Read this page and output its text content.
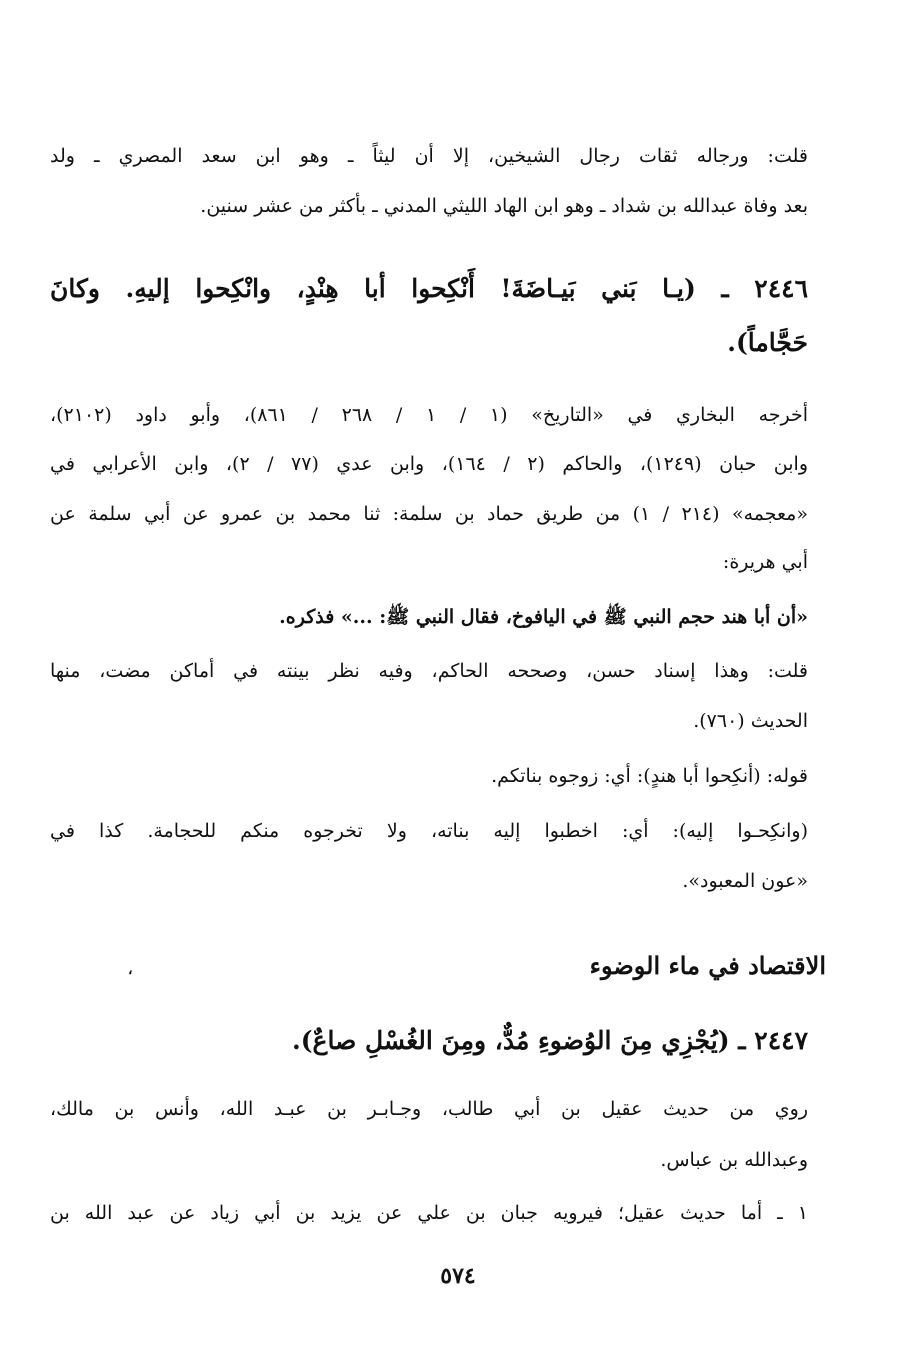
قلت: ورجاله ثقات رجال الشيخين، إلا أن ليثاً ـ وهو ابن سعد المصري ـ ولد
بعد وفاة عبدالله بن شداد ـ وهو ابن الهاد الليثي المدني ـ بأكثر من عشر سنين.
٢٤٤٦ ـ (يـا بَني بَيـاضَةَ! أَنْكِحوا أبا هِنْدٍ، وانْكِحوا إليهِ. وكانَ
حَجَّاماً).
أخرجه البخاري في «التاريخ» (١ / ١ / ٢٦٨ / ٨٦١)، وأبو داود (٢١٠٢)،
وابن حبان (١٢٤٩)، والحاكم (٢ / ١٦٤)، وابن عدي (٧٧ / ٢)، وابن الأعرابي في
«معجمه» (٢١٤ / ١) من طريق حماد بن سلمة: ثنا محمد بن عمرو عن أبي سلمة عن
أبي هريرة:
«أن أبا هند حجم النبي ﷺ في اليافوخ، فقال النبي ﷺ: ...» فذكره.
قلت: وهذا إسناد حسن، وصححه الحاكم، وفيه نظر بينته في أماكن مضت، منها
الحديث (٧٦٠).
قوله: (أنكِحوا أبا هندٍ): أي: زوجوه بناتكم.
(وانكِحـوا إليه): أي: اخطبوا إليه بناته، ولا تخرجوه منكم للحجامة. كذا في
«عون المعبود».
٢٤٤٧ ـ (يُجْزِي مِنَ الوُضوءِ مُدٌّ، ومِنَ الغُسْلِ صاعٌ).
روي من حديث عقيل بن أبي طالب، وجـابـر بن عبـد الله، وأنس بن مالك،
وعبدالله بن عباس.
١ ـ أما حديث عقيل؛ فيرويه جبان بن علي عن يزيد بن أبي زياد عن عبد الله بن
الاقتصاد في ماء الوضوء
،
٥٧٤
